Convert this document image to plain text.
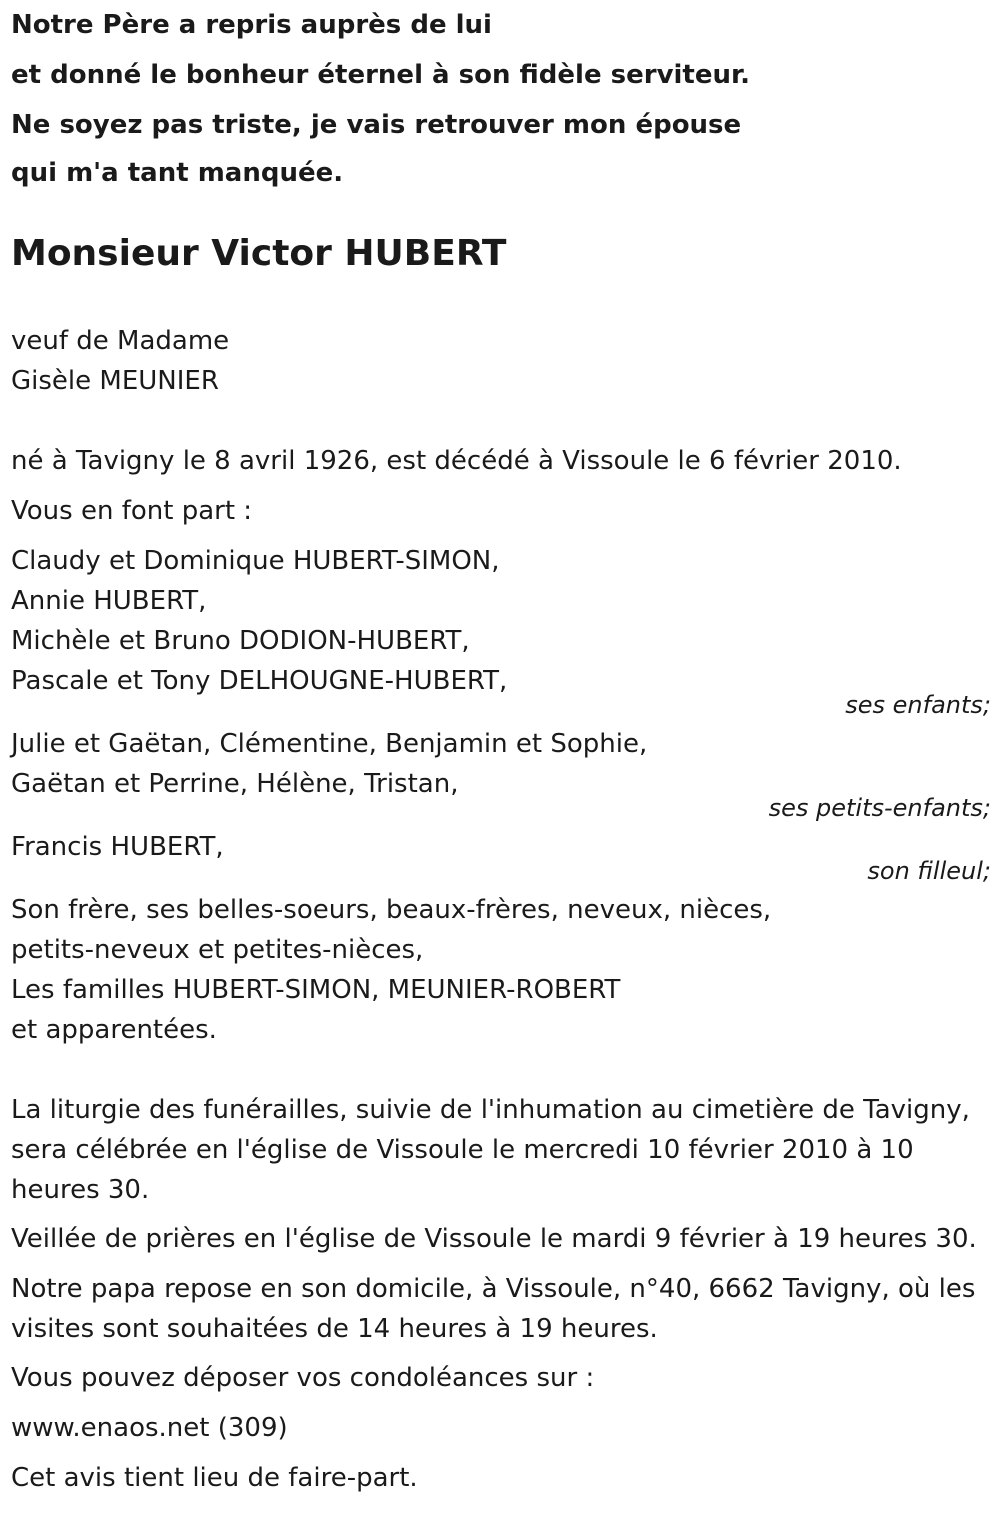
Notre Père a repris auprès de lui
et donné le bonheur éternel à son fidèle serviteur.
Ne soyez pas triste, je vais retrouver mon épouse
qui m'a tant manquée.
Monsieur Victor HUBERT
veuf de Madame
Gisèle MEUNIER
né à Tavigny le 8 avril 1926, est décédé à Vissoule le 6 février 2010.
Vous en font part :
Claudy et Dominique HUBERT-SIMON,
Annie HUBERT,
Michèle et Bruno DODION-HUBERT,
Pascale et Tony DELHOUGNE-HUBERT,
ses enfants;
Julie et Gaëtan, Clémentine, Benjamin et Sophie,
Gaëtan et Perrine, Hélène, Tristan,
ses petits-enfants;
Francis HUBERT,
son filleul;
Son frère, ses belles-soeurs, beaux-frères, neveux, nièces,
petits-neveux et petites-nièces,
Les familles HUBERT-SIMON, MEUNIER-ROBERT
et apparentées.
La liturgie des funérailles, suivie de l'inhumation au cimetière de Tavigny,
sera célébrée en l'église de Vissoule le mercredi 10 février 2010 à 10
heures 30.
Veillée de prières en l'église de Vissoule le mardi 9 février à 19 heures 30.
Notre papa repose en son domicile, à Vissoule, n°40, 6662 Tavigny, où les
visites sont souhaitées de 14 heures à 19 heures.
Vous pouvez déposer vos condoléances sur :
www.enaos.net (309)
Cet avis tient lieu de faire-part.
